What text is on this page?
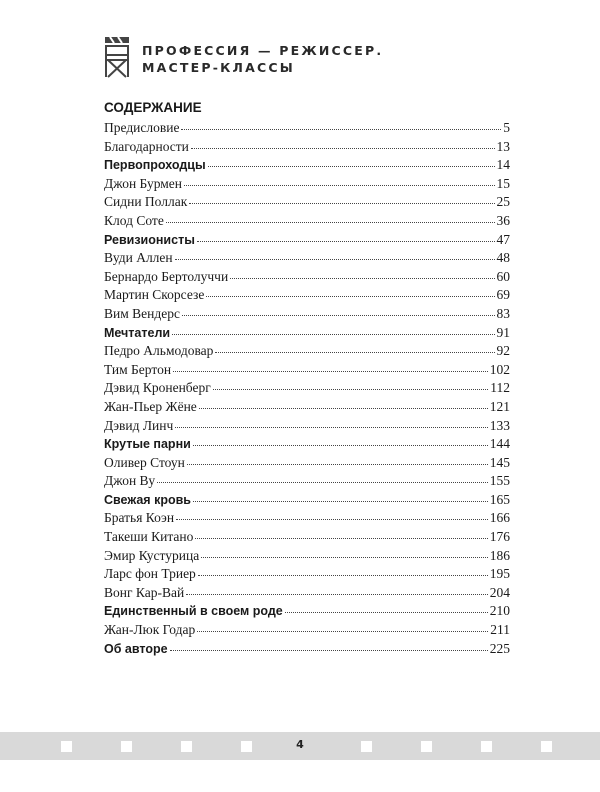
ПРОФЕССИЯ — РЕЖИССЕР.
МАСТЕР-КЛАССЫ
СОДЕРЖАНИЕ
Предисловие	5
Благодарности	13
Первопроходцы	14
Джон Бурмен	15
Сидни Поллак	25
Клод Соте	36
Ревизионисты	47
Вуди Аллен	48
Бернардо Бертолуччи	60
Мартин Скорсезе	69
Вим Вендерс	83
Мечтатели	91
Педро Альмодовар	92
Тим Бертон	102
Дэвид Кроненберг	112
Жан-Пьер Жёне	121
Дэвид Линч	133
Крутые парни	144
Оливер Стоун	145
Джон Ву	155
Свежая кровь	165
Братья Коэн	166
Такеши Китано	176
Эмир Кустурица	186
Ларс фон Триер	195
Вонг Кар-Вай	204
Единственный в своем роде	210
Жан-Люк Годар	211
Об авторе	225
4
